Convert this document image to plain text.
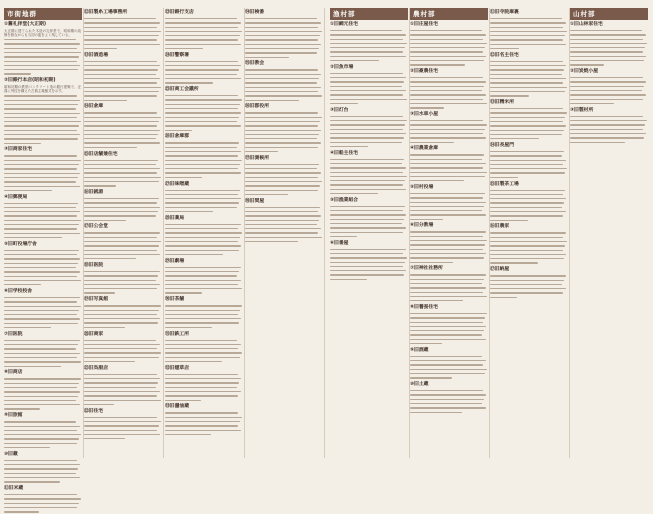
市街地群
①舊礼拝堂(大正期)
大正期に建てられた木造の礼拝堂で、昭和期の改修を経ながらも当初の姿をよく残している。
②旧銀行本店(昭和初期)
昭和初期の鉄筋コンクリート造の銀行建築で、正面に列柱を構えた古典主義様式を示す。
③旧商家住宅
④旧郵便局
⑤旧町役場庁舎
⑥旧学校校舎
⑦旧医院
⑧旧商店
⑨旧旅館
⑩旧蔵
⑪旧米蔵
⑫旧製糸工場事務所
⑬旧酒造場
⑭旧倉庫
⑮旧店舗兼住宅
⑯旧銭湯
⑰旧公会堂
⑱旧医院
⑲旧写真館
⑳旧商家
㉑旧呉服店
㉒旧住宅
㉓旧銀行支店
㉔旧警察署
㉕旧商工会議所
㉖旧倉庫群
㉗旧味噌蔵
㉘旧薬局
㉙旧劇場
㉚旧茶舗
㉛旧鉄工所
㉜旧煙草店
㉝旧醤油蔵
㉞旧検番
㉟旧教会
㊱旧郡役所
㊲旧測候所
㊳旧問屋
漁村部
①旧網元住宅
②旧魚市場
③旧灯台
④旧船主住宅
⑤旧漁業組合
⑥旧番屋
農村部
①旧庄屋住宅
②旧豪農住宅
③旧水車小屋
④旧農業倉庫
⑤旧村役場
⑥旧分教場
⑦旧神社社務所
⑧旧養蚕住宅
⑨旧酒蔵
⑩旧土蔵
⑪旧寺院庫裏
⑫旧名主住宅
⑬旧精米所
⑭旧長屋門
⑮旧製茶工場
⑯旧農家
⑰旧納屋
山村部
①旧山林家住宅
②旧炭焼小屋
③旧製材所
